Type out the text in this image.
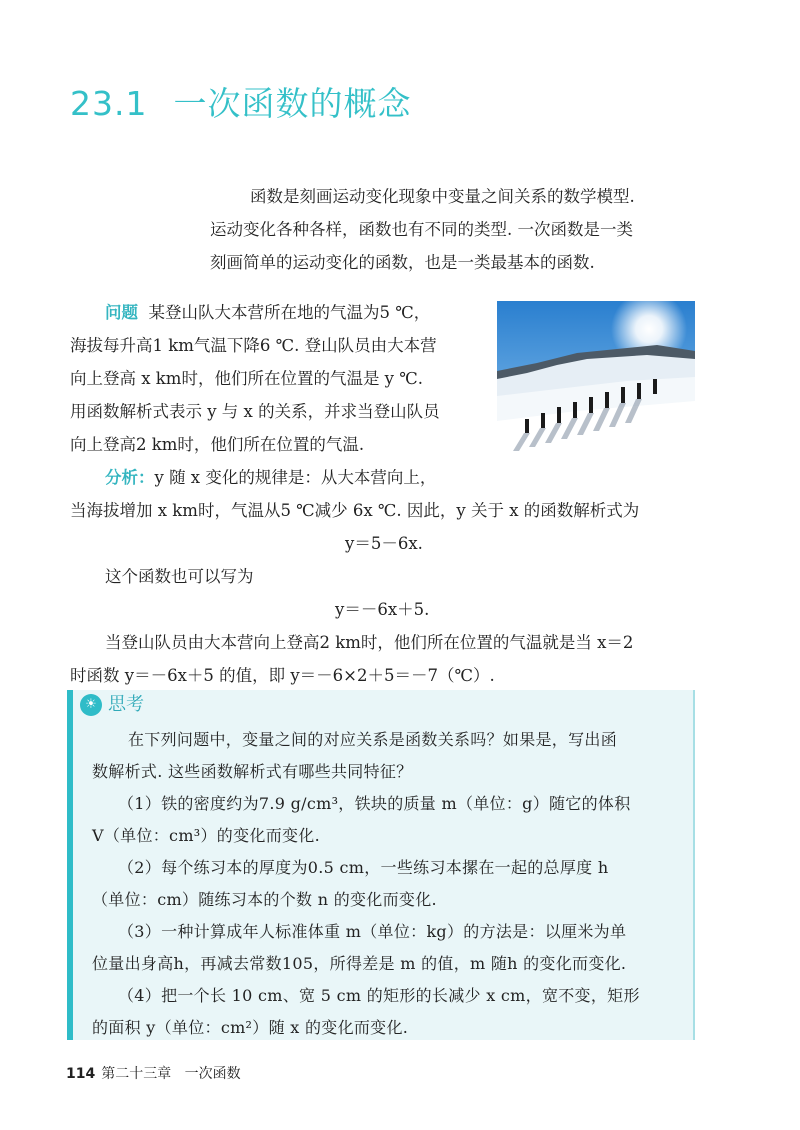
23.1 一次函数的概念

函数是刻画运动变化现象中变量之间关系的数学模型.

运动变化各种各样，函数也有不同的类型. 一次函数是一类

刻画简单的运动变化的函数，也是一类最基本的函数.

问题 某登山队大本营所在地的气温为5 ℃，
海拔每升高1 km气温下降6 ℃. 登山队员由大本营
向上登高 x km时，他们所在位置的气温是 y ℃.
用函数解析式表示 y 与 x 的关系，并求当登山队员
向上登高2 km时，他们所在位置的气温.
分析：y 随 x 变化的规律是：从大本营向上，
当海拔增加 x km时，气温从5 ℃减少 6x ℃. 因此，y 关于 x 的函数解析式为
y＝5－6x.
这个函数也可以写为
y＝－6x＋5.
当登山队员由大本营向上登高2 km时，他们所在位置的气温就是当 x＝2
时函数 y＝－6x＋5 的值，即 y＝－6×2＋5＝－7（℃）.
☀ 思考
在下列问题中，变量之间的对应关系是函数关系吗？如果是，写出函
数解析式. 这些函数解析式有哪些共同特征？
（1）铁的密度约为7.9 g/cm³，铁块的质量 m（单位：g）随它的体积
V（单位：cm³）的变化而变化.
（2）每个练习本的厚度为0.5 cm，一些练习本摞在一起的总厚度 h
（单位：cm）随练习本的个数 n 的变化而变化.
（3）一种计算成年人标准体重 m（单位：kg）的方法是：以厘米为单
位量出身高h，再减去常数105，所得差是 m 的值，m 随h 的变化而变化.
（4）把一个长 10 cm、宽 5 cm 的矩形的长减少 x cm，宽不变，矩形
的面积 y（单位：cm²）随 x 的变化而变化.
114 第二十三章 一次函数
